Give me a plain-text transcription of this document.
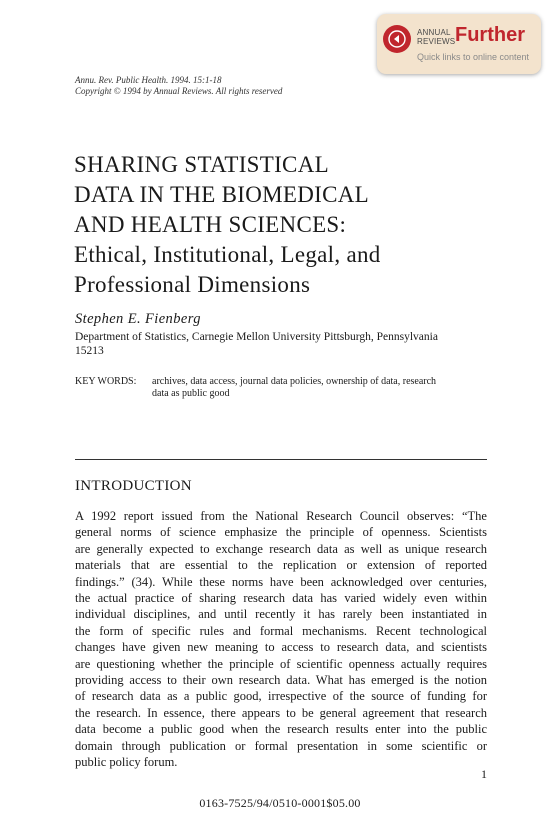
ANNUAL
REVIEWS Further
Quick links to online content
Annu. Rev. Public Health. 1994. 15:1-18
Copyright © 1994 by Annual Reviews. All rights reserved
SHARING STATISTICAL
DATA IN THE BIOMEDICAL
AND HEALTH SCIENCES:
Ethical, Institutional, Legal, and
Professional Dimensions
Stephen E. Fienberg
Department of Statistics, Carnegie Mellon University Pittsburgh, Pennsylvania
15213
KEY WORDS: archives, data access, journal data policies, ownership of data, research
data as public good
INTRODUCTION
A 1992 report issued from the National Research Council observes: “The
general norms of science emphasize the principle of openness. Scientists
are generally expected to exchange research data as well as unique research
materials that are essential to the replication or extension of reported
findings.” (34). While these norms have been acknowledged over centuries,
the actual practice of sharing research data has varied widely even within
individual disciplines, and until recently it has rarely been instantiated in
the form of specific rules and formal mechanisms. Recent technological
changes have given new meaning to access to research data, and scientists
are questioning whether the principle of scientific openness actually requires
providing access to their own research data. What has emerged is the notion
of research data as a public good, irrespective of the source of funding for
the research. In essence, there appears to be general agreement that research
data become a public good when the research results enter into the public
domain through publication or formal presentation in some scientific or
public policy forum.
1
0163-7525/94/0510-0001$05.00
